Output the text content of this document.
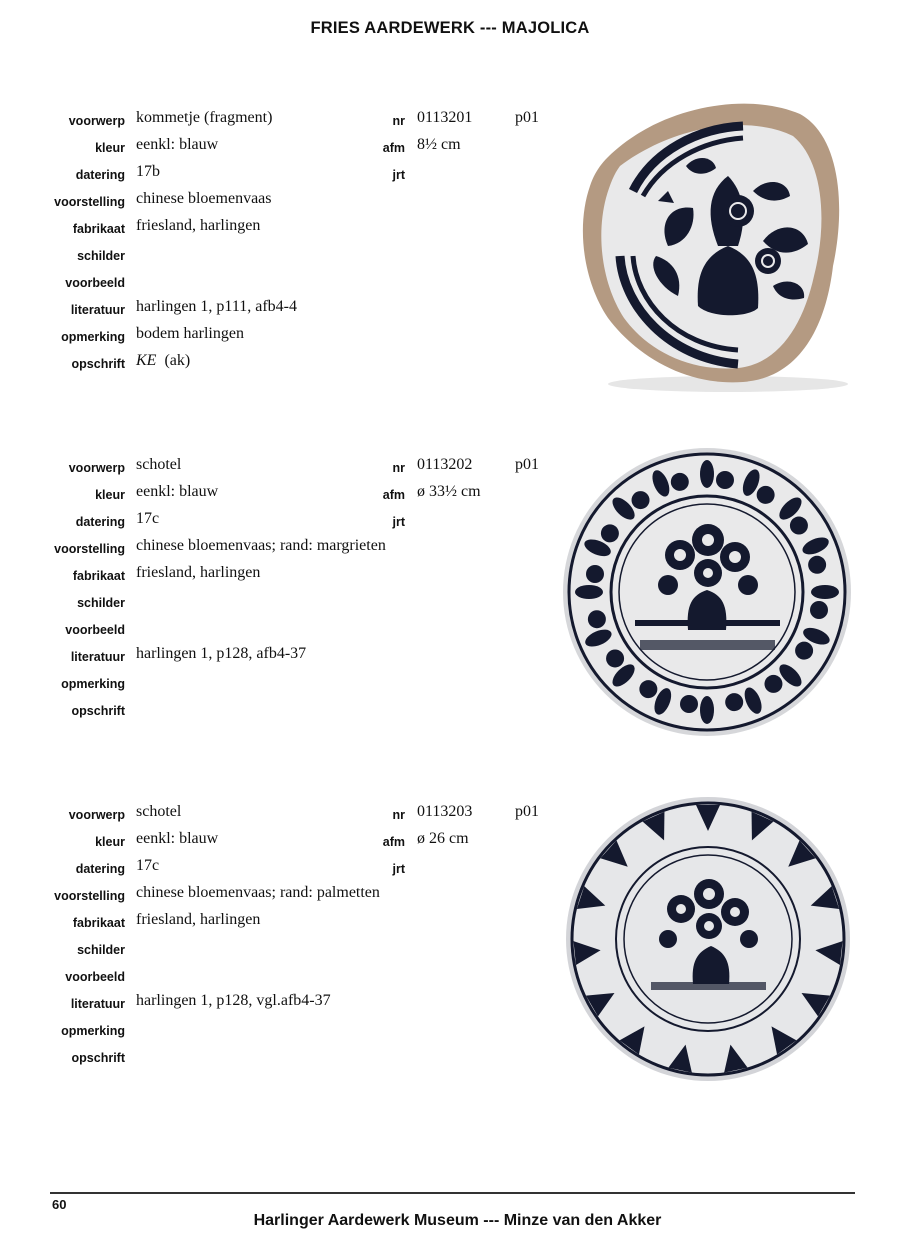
FRIES AARDEWERK --- MAJOLICA
voorwerp kommetje (fragment)
kleur eenkl: blauw
datering 17b
voorstelling chinese bloemenvaas
fabrikaat friesland, harlingen
schilder
voorbeeld
literatuur harlingen 1, p111, afb4-4
opmerking bodem harlingen
opschrift KE (ak)
nr 0113201
afm 8½ cm
jrt
p01
voorwerp schotel
kleur eenkl: blauw
datering 17c
voorstelling chinese bloemenvaas; rand: margrieten
fabrikaat friesland, harlingen
schilder
voorbeeld
literatuur harlingen 1, p128, afb4-37
opmerking
opschrift

nr 0113202
afm ø 33½ cm
jrt
p01
voorwerp schotel
kleur eenkl: blauw
datering 17c
voorstelling chinese bloemenvaas; rand: palmetten
fabrikaat friesland, harlingen
schilder
voorbeeld
literatuur harlingen 1, p128, vgl.afb4-37
opmerking
opschrift

nr 0113203
afm ø 26 cm
jrt
p01
60
Harlinger Aardewerk Museum --- Minze van den Akker
